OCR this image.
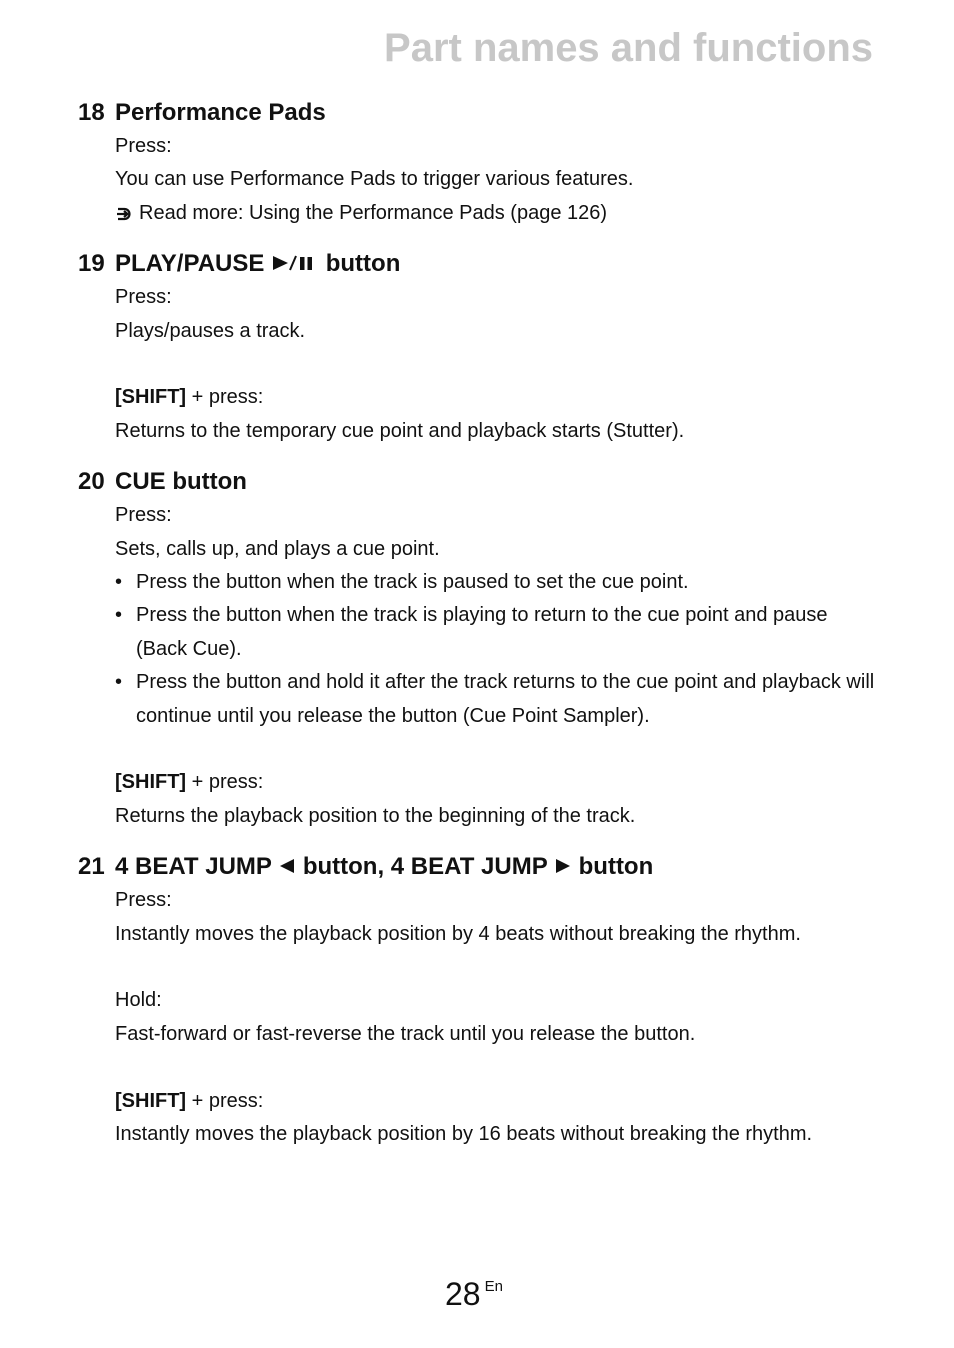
Part names and functions
18 Performance Pads
Press:
You can use Performance Pads to trigger various features.
Read more: Using the Performance Pads (page 126)
19 PLAY/PAUSE	button
Press:
Plays/pauses a track.
[SHIFT] + press:
Returns to the temporary cue point and playback starts (Stutter).
20 CUE button
Press:
Sets, calls up, and plays a cue point.
• Press the button when the track is paused to set the cue point.
• Press the button when the track is playing to return to the cue point and pause (Back Cue).
• Press the button and hold it after the track returns to the cue point and playback will continue until you release the button (Cue Point Sampler).
[SHIFT] + press:
Returns the playback position to the beginning of the track.
21 4 BEAT JUMP button, 4 BEAT JUMP button
Press:
Instantly moves the playback position by 4 beats without breaking the rhythm.
Hold:
Fast-forward or fast-reverse the track until you release the button.
[SHIFT] + press:
Instantly moves the playback position by 16 beats without breaking the rhythm.
28 En
